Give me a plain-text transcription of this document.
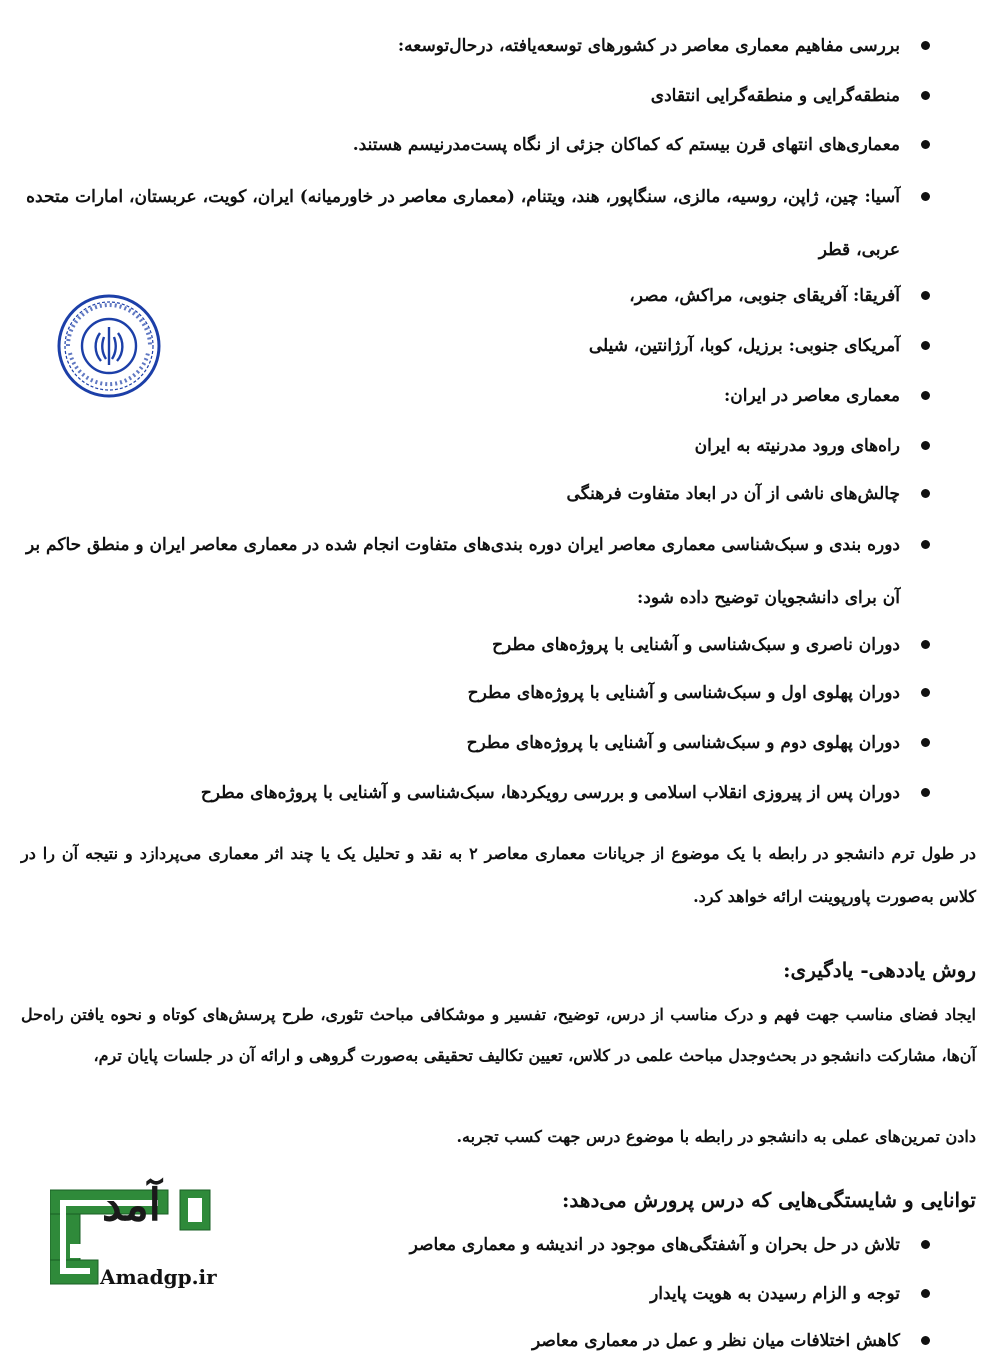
بررسی مفاهیم معماری معاصر در کشورهای توسعه‌یافته، درحال‌توسعه:
منطقه‌گرایی و منطقه‌گرایی انتقادی
معماری‌های انتهای قرن بیستم که کماکان جزئی از نگاه پست‌مدرنیسم هستند.
آسیا: چین، ژاپن، روسیه، مالزی، سنگاپور، هند، ویتنام، (معماری معاصر در خاورمیانه) ایران، کویت، عربستان، امارات متحده عربی، قطر
آفریقا: آفریقای جنوبی، مراکش، مصر،
آمریکای جنوبی: برزیل، کوبا، آرژانتین، شیلی
معماری معاصر در ایران:
راه‌های ورود مدرنیته به ایران
چالش‌های ناشی از آن در ابعاد متفاوت فرهنگی
دوره بندی و سبک‌شناسی معماری معاصر ایران دوره بندی‌های متفاوت انجام شده در معماری معاصر ایران و منطق حاکم بر آن برای دانشجویان توضیح داده شود:
دوران ناصری و سبک‌شناسی و آشنایی با پروژه‌های مطرح
دوران پهلوی اول و سبک‌شناسی و آشنایی با پروژه‌های مطرح
دوران پهلوی دوم و سبک‌شناسی و آشنایی با پروژه‌های مطرح
دوران پس از پیروزی انقلاب اسلامی و بررسی رویکردها، سبک‌شناسی و آشنایی با پروژه‌های مطرح

در طول ترم دانشجو در رابطه با یک موضوع از جریانات معماری معاصر ۲ به نقد و تحلیل یک یا چند اثر معماری می‌پردازد و نتیجه آن را در کلاس به‌صورت پاورپوینت ارائه خواهد کرد.

روش یاددهی- یادگیری:

ایجاد فضای مناسب جهت فهم و درک مناسب از درس، توضیح، تفسیر و موشکافی مباحث تئوری، طرح پرسش‌های کوتاه و نحوه یافتن راه‌حل آن‌ها، مشارکت دانشجو در بحث‌وجدل مباحث علمی در کلاس، تعیین تکالیف تحقیقی به‌صورت گروهی و ارائه آن در جلسات پایان ترم،

دادن تمرین‌های عملی به دانشجو در رابطه با موضوع درس جهت کسب تجربه.

توانایی و شایستگی‌هایی که درس پرورش می‌دهد:
تلاش در حل بحران و آشفتگی‌های موجود در اندیشه و معماری معاصر
توجه و الزام رسیدن به هویت پایدار
کاهش اختلافات میان نظر و عمل در معماری معاصر
آمد
Amadgp.ir
